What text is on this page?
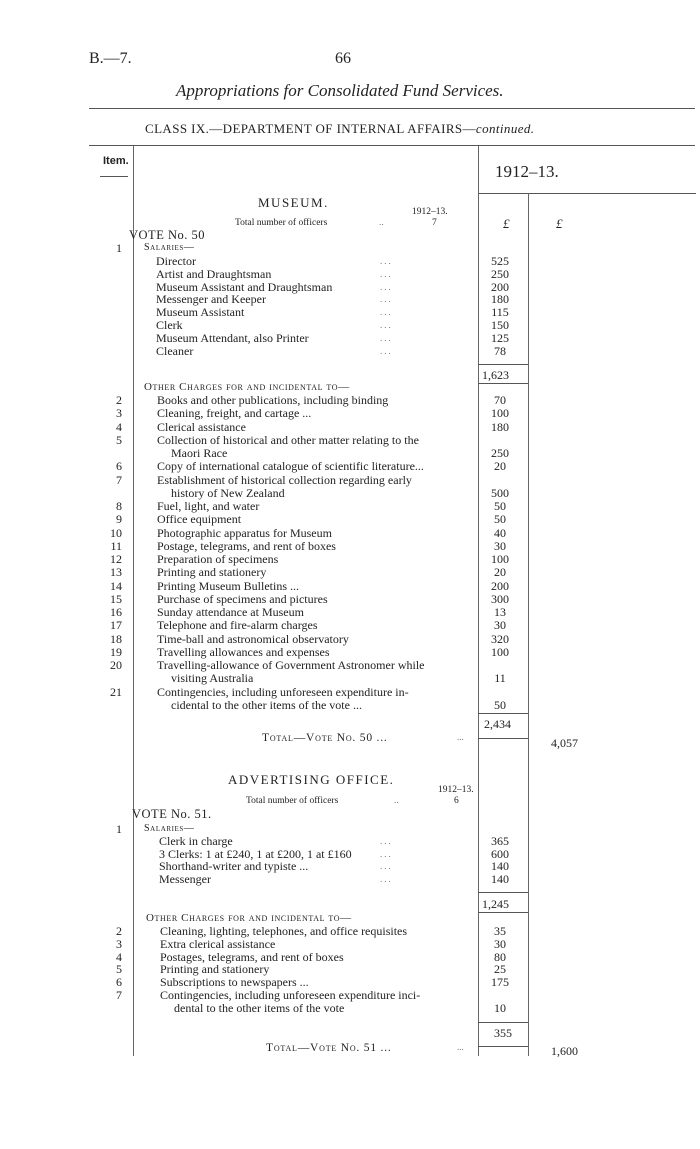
B.—7.	66
Appropriations for Consolidated Fund Services.
CLASS IX.—DEPARTMENT OF INTERNAL AFFAIRS—continued.
Item.
1912–13.
£	£
MUSEUM.
1912–13.
Total number of officers	..	7
VOTE No. 50
1 Salaries—
Director	525
...
Artist and Draughtsman	250
...
Museum Assistant and Draughtsman	200
...
Messenger and Keeper	180
...
Museum Assistant	115
...
Clerk	150
...
Museum Attendant, also Printer	125
...
Cleaner	78
...
1,623
Other Charges for and incidental to—
2	Books and other publications, including binding	70
3	Cleaning, freight, and cartage ...	100
4	Clerical assistance	180
5	Collection of historical and other matter relating to the
Maori Race	250
6	Copy of international catalogue of scientific literature...	20
7	Establishment of historical collection regarding early
history of New Zealand	500
8	Fuel, light, and water	50
9	Office equipment	50
10	Photographic apparatus for Museum	40
11	Postage, telegrams, and rent of boxes	30
12	Preparation of specimens	100
13	Printing and stationery	20
14	Printing Museum Bulletins ...	200
15	Purchase of specimens and pictures	300
16	Sunday attendance at Museum	13
17	Telephone and fire-alarm charges	30
18	Time-ball and astronomical observatory	320
19	Travelling allowances and expenses	100
20	Travelling-allowance of Government Astronomer while
visiting Australia	11
21	Contingencies, including unforeseen expenditure in-
cidental to the other items of the vote ...	50
2,434
Total—Vote No. 50 ...	...	4,057
ADVERTISING OFFICE.
1912–13.
Total number of officers	..	6
VOTE No. 51.
1 Salaries—
Clerk in charge	365
...
3 Clerks: 1 at £240, 1 at £200, 1 at £160	600
...
Shorthand-writer and typiste ...	140
...
Messenger	140
...
1,245
Other Charges for and incidental to—
2	Cleaning, lighting, telephones, and office requisites	35
3	Extra clerical assistance	30
4	Postages, telegrams, and rent of boxes	80
5	Printing and stationery	25
6	Subscriptions to newspapers ...	175
7	Contingencies, including unforeseen expenditure inci-
dental to the other items of the vote	10
355
Total—Vote No. 51 ...	...	1,600
